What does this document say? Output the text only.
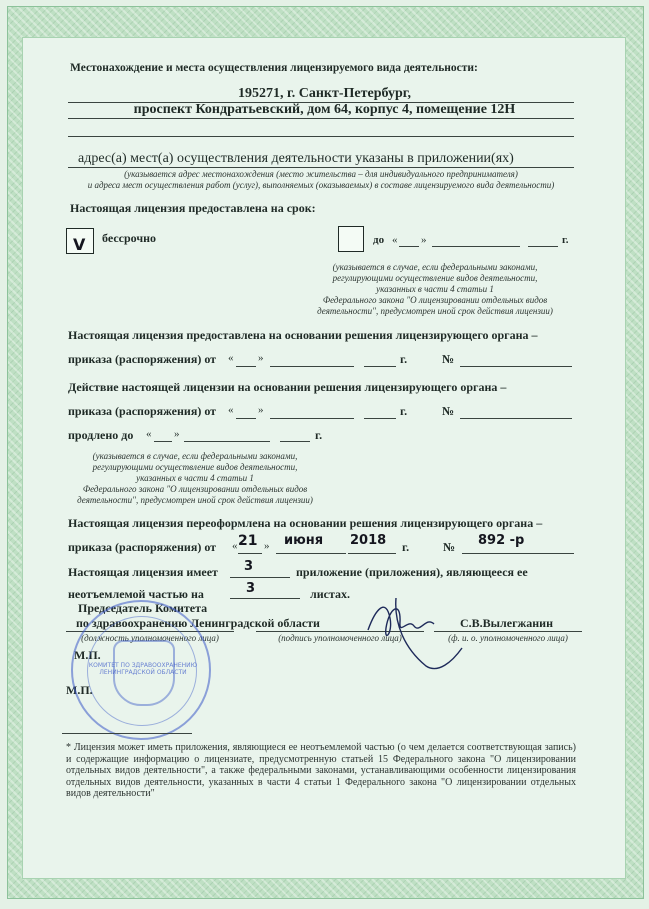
Местонахождение и места осуществления лицензируемого вида деятельности:
195271, г. Санкт-Петербург,
проспект Кондратьевский, дом 64, корпус 4, помещение 12Н
адрес(а) мест(а) осуществления деятельности указаны в приложении(ях)
(указывается адрес местонахождения (место жительства – для индивидуального предпринимателя)
и адреса мест осуществления работ (услуг), выполняемых (оказываемых) в составе лицензируемого вида деятельности)
Настоящая лицензия предоставлена на срок:
V бессрочно	до « »	г.
(указывается в случае, если федеральными законами,
регулирующими осуществление видов деятельности,
указанных в части 4 статьи 1
Федерального закона "О лицензировании отдельных видов
деятельности", предусмотрен иной срок действия лицензии)
Настоящая лицензия предоставлена на основании решения лицензирующего органа –
приказа (распоряжения) от « »	г.	№
Действие настоящей лицензии на основании решения лицензирующего органа –
приказа (распоряжения) от « »	г.	№
продлено до « »	г.
(указывается в случае, если федеральными законами,
регулирующими осуществление видов деятельности,
указанных в части 4 статьи 1
Федерального закона "О лицензировании отдельных видов
деятельности", предусмотрен иной срок действия лицензии)
Настоящая лицензия переоформлена на основании решения лицензирующего органа –
приказа (распоряжения) от « 21 » июня 2018 г.	№ 892 -р
Настоящая лицензия имеет 3	приложение (приложения), являющееся ее
неотъемлемой частью на	3	листах.
Председатель Комитета
по здравоохранению Ленинградской области	С.В.Вылегжанин
(должность уполномоченного лица)	(подпись уполномоченного лица)	(ф. и. о. уполномоченного лица)
М.П.
М.П.
КОМИТЕТ ПО ЗДРАВООХРАНЕНИЮ ЛЕНИНГРАДСКОЙ ОБЛАСТИ
* Лицензия может иметь приложения, являющиеся ее неотъемлемой частью (о чем делается соответствующая запись) и содержащие информацию о лицензиате, предусмотренную статьей 15 Федерального закона "О лицензировании отдельных видов деятельности", а также федеральными законами, устанавливающими особенности лицензирования отдельных видов деятельности, указанных в части 4 статьи 1 Федерального закона "О лицензировании отдельных видов деятельности"
